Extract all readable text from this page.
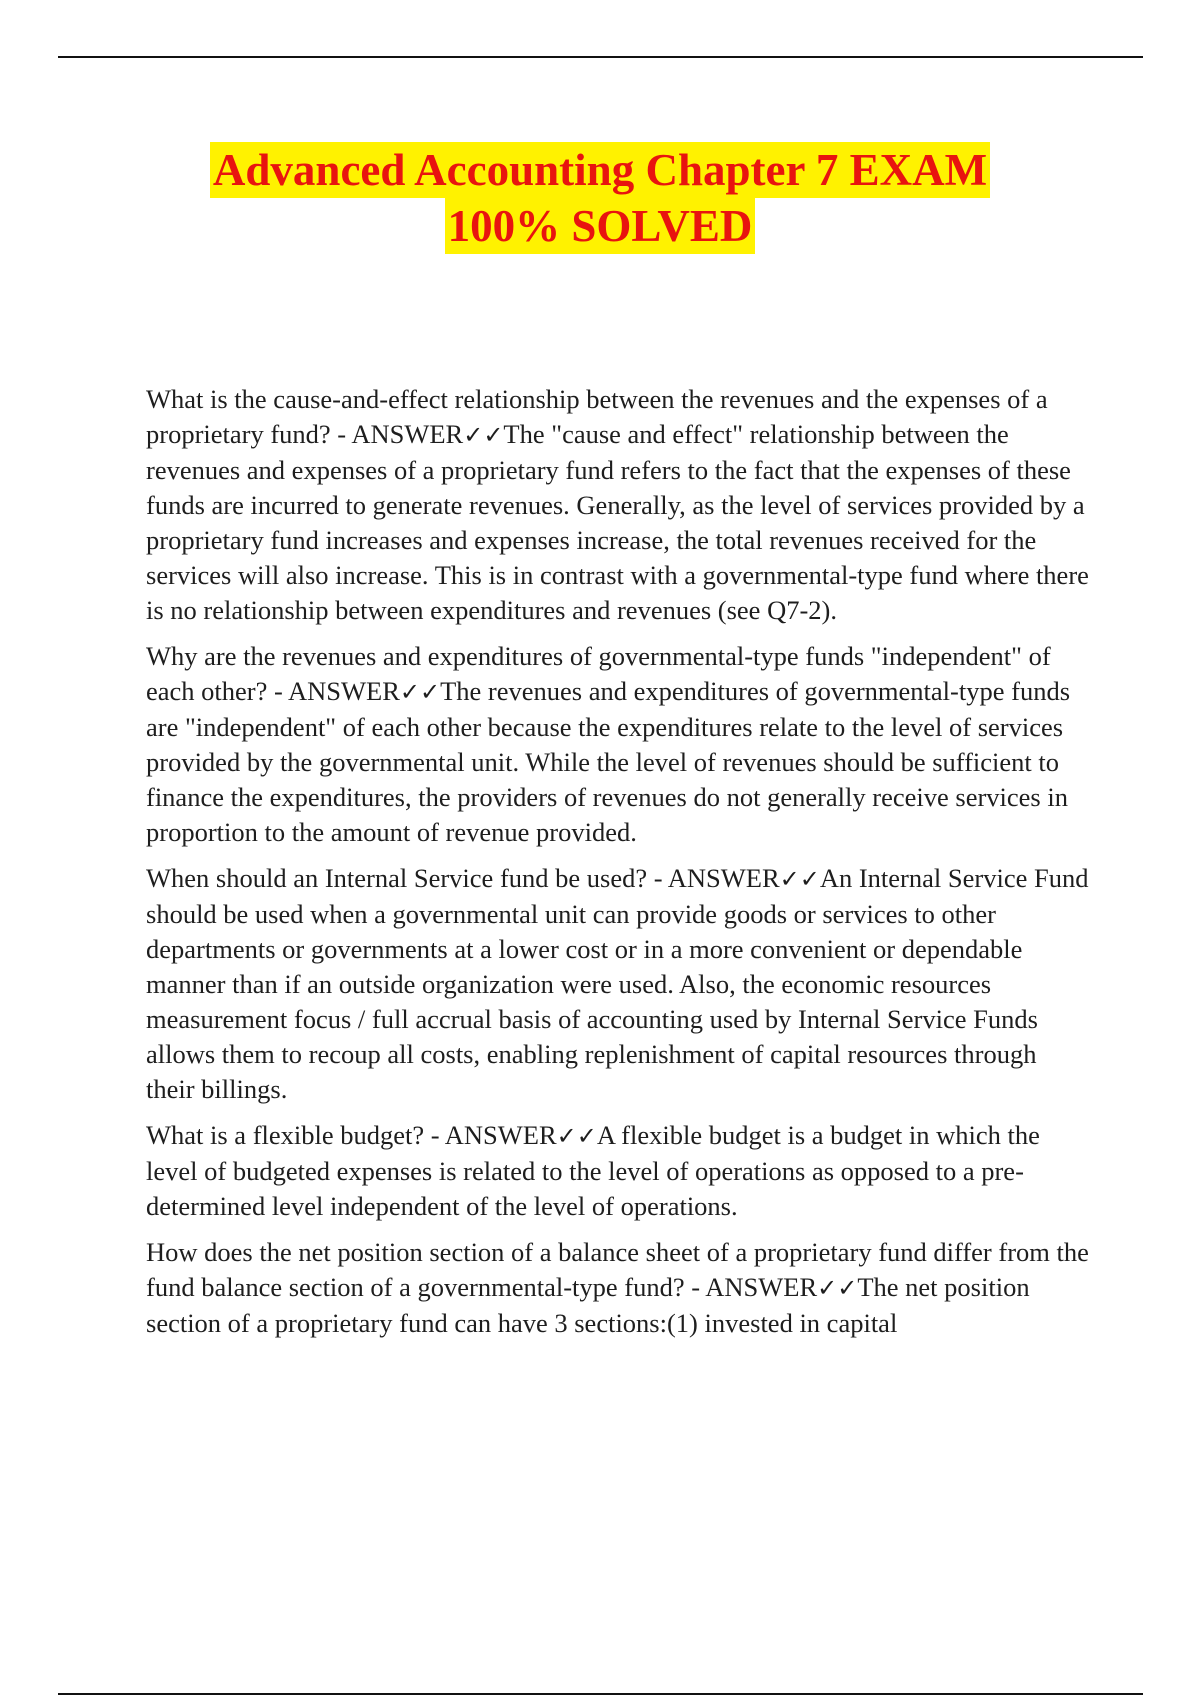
Advanced Accounting Chapter 7 EXAM
100% SOLVED

What is the cause-and-effect relationship between the revenues and the expenses of a proprietary fund? - ANSWER✓✓The "cause and effect" relationship between the revenues and expenses of a proprietary fund refers to the fact that the expenses of these funds are incurred to generate revenues. Generally, as the level of services provided by a proprietary fund increases and expenses increase, the total revenues received for the services will also increase. This is in contrast with a governmental-type fund where there is no relationship between expenditures and revenues (see Q7-2).

Why are the revenues and expenditures of governmental-type funds "independent" of each other? - ANSWER✓✓The revenues and expenditures of governmental-type funds are "independent" of each other because the expenditures relate to the level of services provided by the governmental unit. While the level of revenues should be sufficient to finance the expenditures, the providers of revenues do not generally receive services in proportion to the amount of revenue provided.

When should an Internal Service fund be used? - ANSWER✓✓An Internal Service Fund should be used when a governmental unit can provide goods or services to other departments or governments at a lower cost or in a more convenient or dependable manner than if an outside organization were used. Also, the economic resources measurement focus / full accrual basis of accounting used by Internal Service Funds allows them to recoup all costs, enabling replenishment of capital resources through their billings.

What is a flexible budget? - ANSWER✓✓A flexible budget is a budget in which the level of budgeted expenses is related to the level of operations as opposed to a pre-determined level independent of the level of operations.

How does the net position section of a balance sheet of a proprietary fund differ from the fund balance section of a governmental-type fund? - ANSWER✓✓The net position section of a proprietary fund can have 3 sections:(1) invested in capital
